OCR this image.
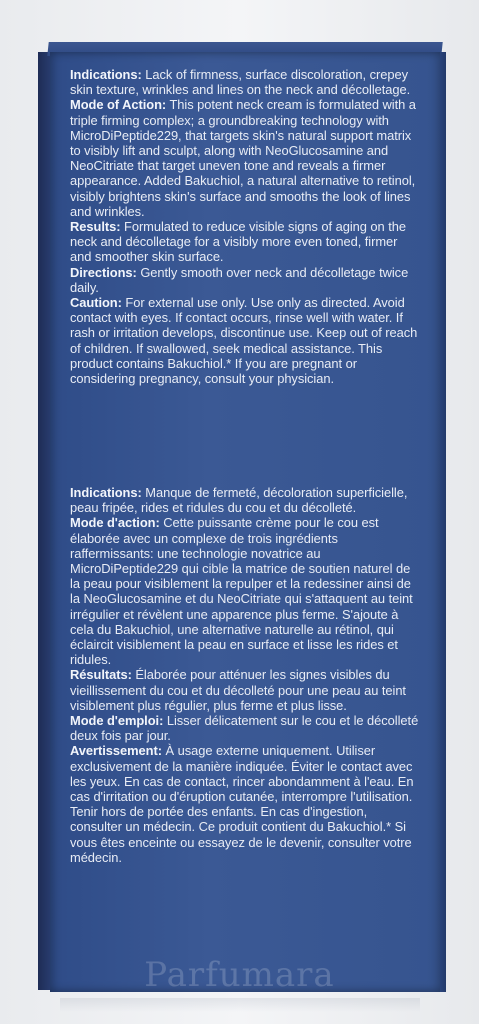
Indications: Lack of firmness, surface discoloration, crepey skin texture, wrinkles and lines on the neck and décolletage.

Mode of Action: This potent neck cream is formulated with a triple firming complex; a groundbreaking technology with MicroDiPeptide229, that targets skin's natural support matrix to visibly lift and sculpt, along with NeoGlucosamine and NeoCitriate that target uneven tone and reveals a firmer appearance. Added Bakuchiol, a natural alternative to retinol, visibly brightens skin's surface and smooths the look of lines and wrinkles.

Results: Formulated to reduce visible signs of aging on the neck and décolletage for a visibly more even toned, firmer and smoother skin surface.

Directions: Gently smooth over neck and décolletage twice daily.

Caution: For external use only. Use only as directed. Avoid contact with eyes. If contact occurs, rinse well with water. If rash or irritation develops, discontinue use. Keep out of reach of children. If swallowed, seek medical assistance. This product contains Bakuchiol.* If you are pregnant or considering pregnancy, consult your physician.

Indications: Manque de fermeté, décoloration superficielle, peau fripée, rides et ridules du cou et du décolleté.

Mode d'action: Cette puissante crème pour le cou est élaborée avec un complexe de trois ingrédients raffermissants: une technologie novatrice au MicroDiPeptide229 qui cible la matrice de soutien naturel de la peau pour visiblement la repulper et la redessiner ainsi de la NeoGlucosamine et du NeoCitriate qui s'attaquent au teint irrégulier et révèlent une apparence plus ferme. S'ajoute à cela du Bakuchiol, une alternative naturelle au rétinol, qui éclaircit visiblement la peau en surface et lisse les rides et ridules.

Résultats: Élaborée pour atténuer les signes visibles du vieillissement du cou et du décolleté pour une peau au teint visiblement plus régulier, plus ferme et plus lisse.

Mode d'emploi: Lisser délicatement sur le cou et le décolleté deux fois par jour.

Avertissement: À usage externe uniquement. Utiliser exclusivement de la manière indiquée. Éviter le contact avec les yeux. En cas de contact, rincer abondamment à l'eau. En cas d'irritation ou d'éruption cutanée, interrompre l'utilisation. Tenir hors de portée des enfants. En cas d'ingestion, consulter un médecin. Ce produit contient du Bakuchiol.* Si vous êtes enceinte ou essayez de le devenir, consulter votre médecin.

Parfumara
